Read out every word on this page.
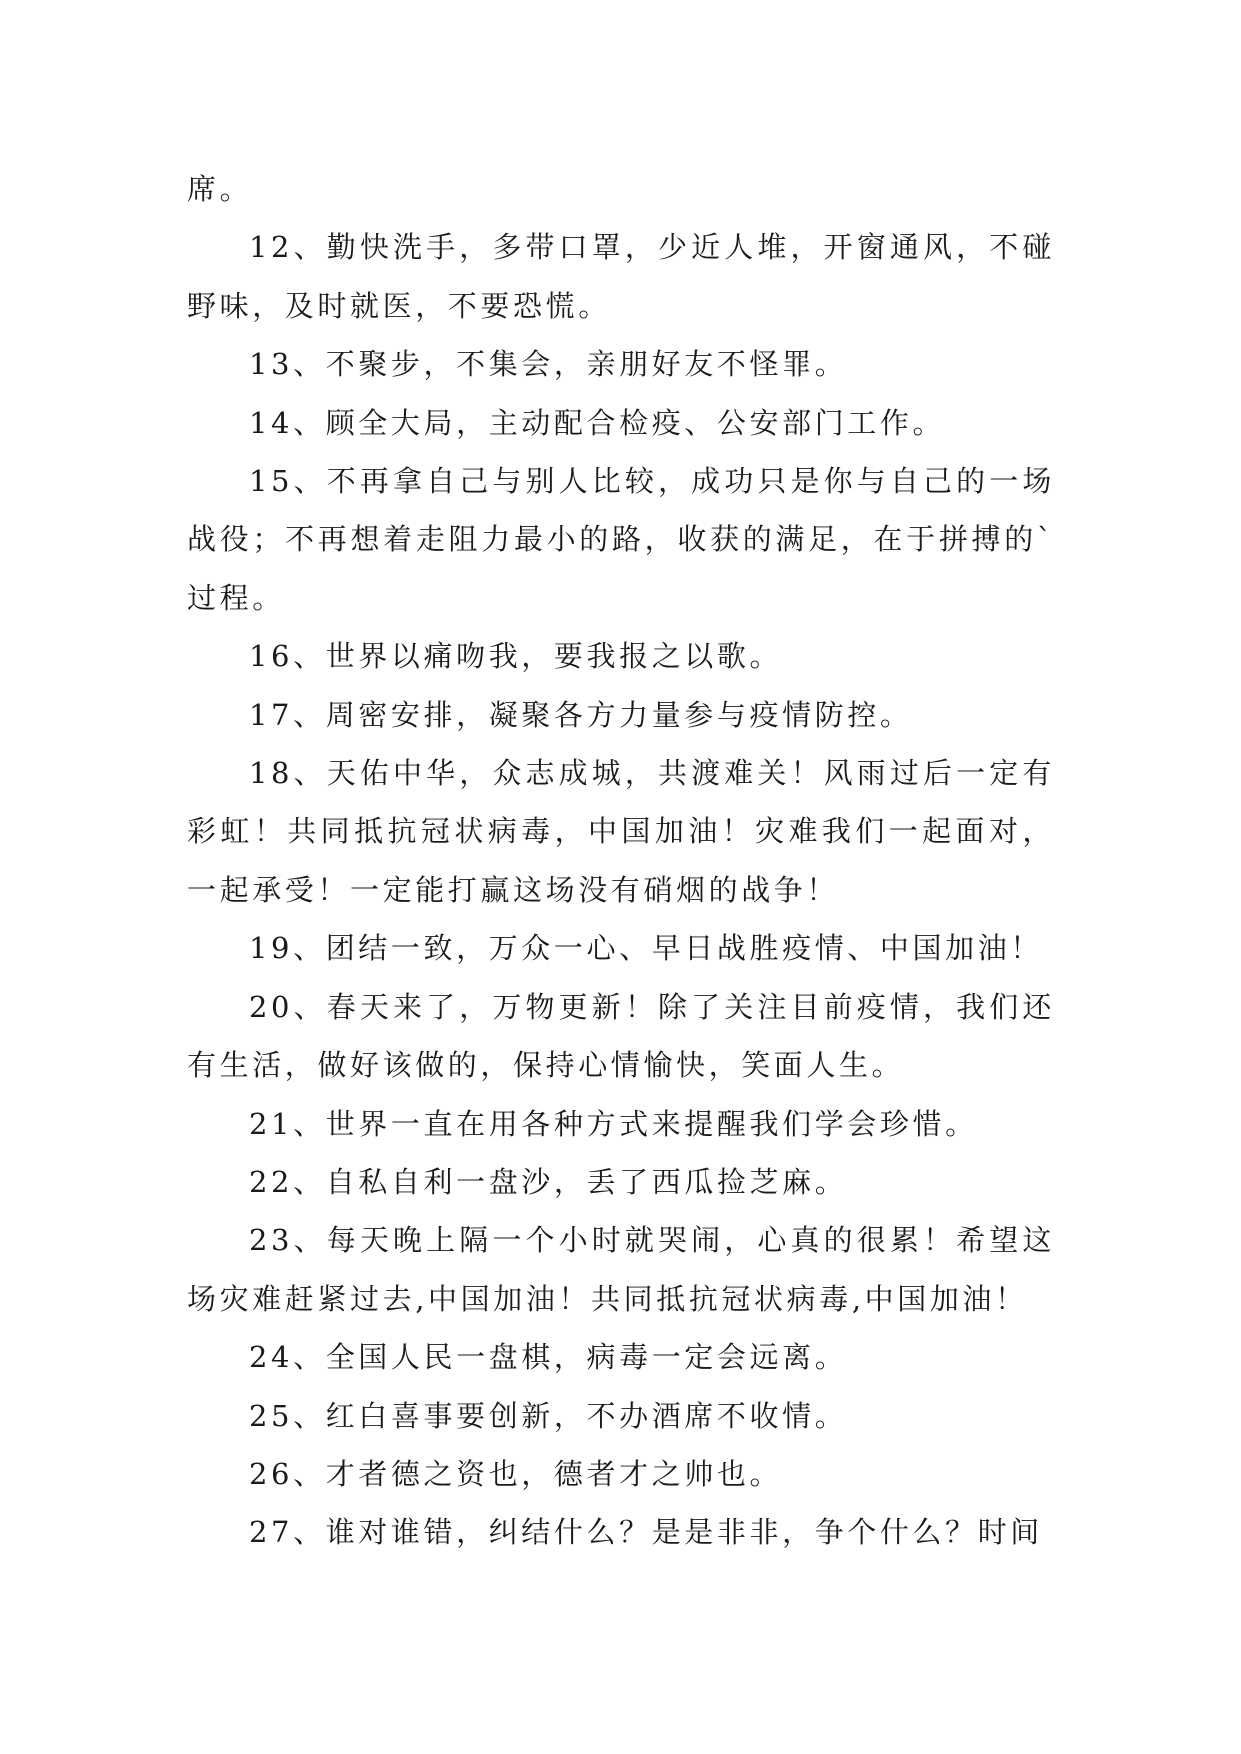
席。

12、勤快洗手，多带口罩，少近人堆，开窗通风，不碰野味，及时就医，不要恐慌。

13、不聚步，不集会，亲朋好友不怪罪。

14、顾全大局，主动配合检疫、公安部门工作。

15、不再拿自己与别人比较，成功只是你与自己的一场战役；不再想着走阻力最小的路，收获的满足，在于拼搏的`过程。

16、世界以痛吻我，要我报之以歌。

17、周密安排，凝聚各方力量参与疫情防控。

18、天佑中华，众志成城，共渡难关！风雨过后一定有彩虹！共同抵抗冠状病毒，中国加油！灾难我们一起面对，一起承受！一定能打赢这场没有硝烟的战争！

19、团结一致，万众一心、早日战胜疫情、中国加油！

20、春天来了，万物更新！除了关注目前疫情，我们还有生活，做好该做的，保持心情愉快，笑面人生。

21、世界一直在用各种方式来提醒我们学会珍惜。

22、自私自利一盘沙，丢了西瓜捡芝麻。

23、每天晚上隔一个小时就哭闹，心真的很累！希望这场灾难赶紧过去,中国加油！共同抵抗冠状病毒,中国加油！

24、全国人民一盘棋，病毒一定会远离。

25、红白喜事要创新，不办酒席不收情。

26、才者德之资也，德者才之帅也。

27、谁对谁错，纠结什么？是是非非，争个什么？时间
